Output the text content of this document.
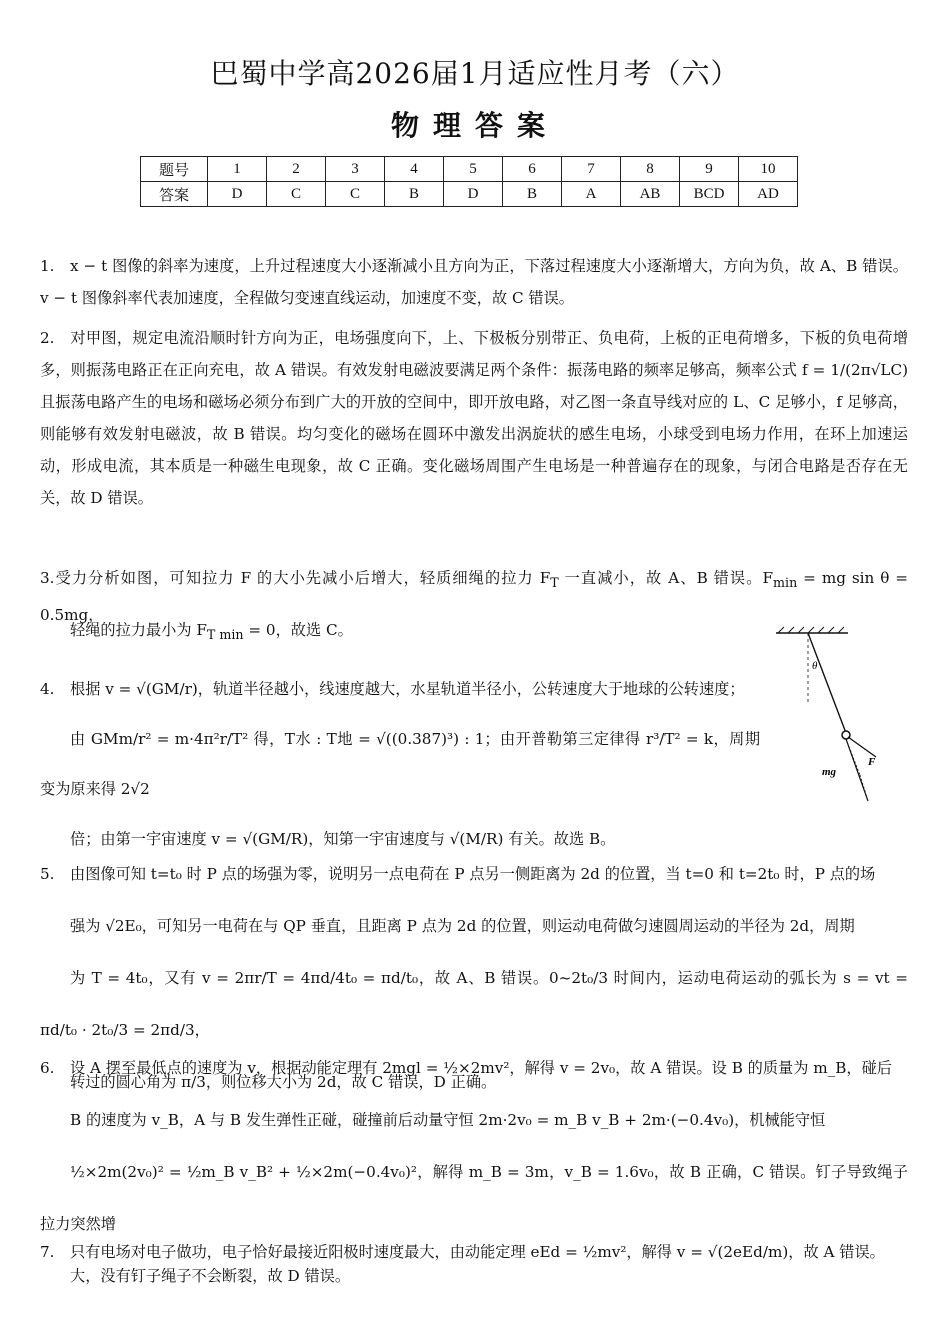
巴蜀中学高2026届1月适应性月考（六）
物理答案
题号	1	2	3	4	5	6	7	8	9	10
答案	D	C	C	B	D	B	A	AB	BCD	AD
1. x − t 图像的斜率为速度，上升过程速度大小逐渐减小且方向为正，下落过程速度大小逐渐增大，方向为负，故 A、B 错误。v − t 图像斜率代表加速度，全程做匀变速直线运动，加速度不变，故 C 错误。
2. 对甲图，规定电流沿顺时针方向为正，电场强度向下，上、下极板分别带正、负电荷，上板的正电荷增多，下板的负电荷增多，则振荡电路正在正向充电，故 A 错误。有效发射电磁波要满足两个条件：振荡电路的频率足够高，频率公式 f = 1/(2π√LC) 且振荡电路产生的电场和磁场必须分布到广大的开放的空间中，即开放电路，对乙图一条直导线对应的 L、C 足够小，f 足够高，则能够有效发射电磁波，故 B 错误。均匀变化的磁场在圆环中激发出涡旋状的感生电场，小球受到电场力作用，在环上加速运动，形成电流，其本质是一种磁生电现象，故 C 正确。变化磁场周围产生电场是一种普遍存在的现象，与闭合电路是否存在无关，故 D 错误。
3.受力分析如图，可知拉力 F 的大小先减小后增大，轻质细绳的拉力 $F_T$ 一直减小，故 A、B 错误。$F_{min}$ = mg sin θ = 0.5mg，
轻绳的拉力最小为 $F_{T min} = 0$，故选 C。
4. 根据 v = √(GM/r)，轨道半径越小，线速度越大，水星轨道半径小，公转速度大于地球的公转速度；
由 GMm/r² = m·4π²r/T² 得，T水 : T地 = √((0.387)³) : 1；由开普勒第三定律得 r³/T² = k，周期变为原来得 2√2
倍；由第一宇宙速度 v = √(GM/R)，知第一宇宙速度与 √(M/R) 有关。故选 B。
θ
F
mg
5. 由图像可知 t=t₀ 时 P 点的场强为零，说明另一点电荷在 P 点另一侧距离为 2d 的位置，当 t=0 和 t=2t₀ 时，P 点的场
强为 √2E₀，可知另一电荷在与 QP 垂直，且距离 P 点为 2d 的位置，则运动电荷做匀速圆周运动的半径为 2d，周期
为 T = 4t₀，又有 v = 2πr/T = 4πd/4t₀ = πd/t₀，故 A、B 错误。0~2t₀/3 时间内，运动电荷运动的弧长为 s = vt = πd/t₀ · 2t₀/3 = 2πd/3，
转过的圆心角为 π/3，则位移大小为 2d，故 C 错误，D 正确。
6. 设 A 摆至最低点的速度为 v，根据动能定理有 2mgl = ½×2mv²，解得 v = 2v₀，故 A 错误。设 B 的质量为 m_B，碰后
B 的速度为 v_B，A 与 B 发生弹性正碰，碰撞前后动量守恒 2m·2v₀ = m_B v_B + 2m·(−0.4v₀)，机械能守恒
½×2m(2v₀)² = ½m_B v_B² + ½×2m(−0.4v₀)²，解得 m_B = 3m，v_B = 1.6v₀，故 B 正确，C 错误。钉子导致绳子拉力突然增
大，没有钉子绳子不会断裂，故 D 错误。
7. 只有电场对电子做功，电子恰好最接近阳极时速度最大，由动能定理 eEd = ½mv²，解得 v = √(2eEd/m)，故 A 错误。
